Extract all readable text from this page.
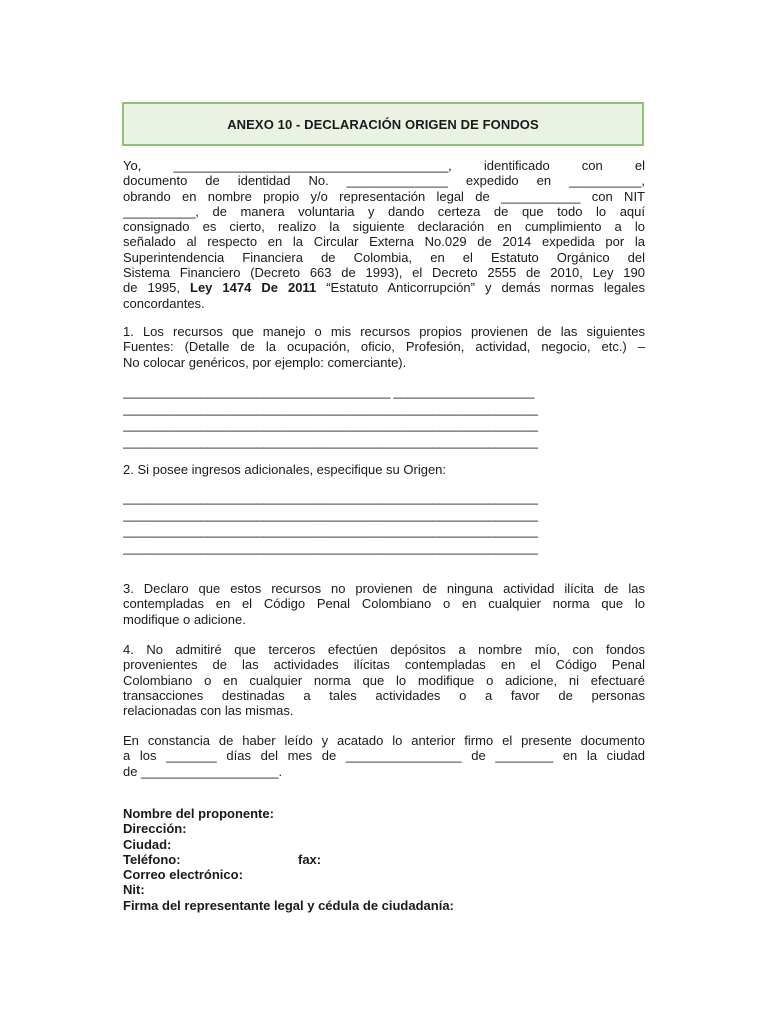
ANEXO 10 - DECLARACIÓN ORIGEN DE FONDOS
Yo, ______________________________________, identificado con el
documento de identidad No. ______________ expedido en __________,
obrando en nombre propio y/o representación legal de ___________ con NIT
__________, de manera voluntaria y dando certeza de que todo lo aquí
consignado es cierto, realizo la siguiente declaración en cumplimiento a lo
señalado al respecto en la Circular Externa No.029 de 2014 expedida por la
Superintendencia Financiera de Colombia, en el Estatuto Orgánico del
Sistema Financiero (Decreto 663 de 1993), el Decreto 2555 de 2010, Ley 190
de 1995, Ley 1474 De 2011 “Estatuto Anticorrupción” y demás normas legales
concordantes.
1. Los recursos que manejo o mis recursos propios provienen de las siguientes
Fuentes: (Detalle de la ocupación, oficio, Profesión, actividad, negocio, etc.) –
No colocar genéricos, por ejemplo: comerciante).
______________________________________ ____________________
___________________________________________________________
___________________________________________________________
___________________________________________________________
2. Si posee ingresos adicionales, especifique su Origen:
___________________________________________________________
___________________________________________________________
___________________________________________________________
___________________________________________________________
3. Declaro que estos recursos no provienen de ninguna actividad ilícita de las
contempladas en el Código Penal Colombiano o en cualquier norma que lo
modifique o adicione.
4. No admitiré que terceros efectúen depósitos a nombre mío, con fondos
provenientes de las actividades ilícitas contempladas en el Código Penal
Colombiano o en cualquier norma que lo modifique o adicione, ni efectuaré
transacciones destinadas a tales actividades o a favor de personas
relacionadas con las mismas.
En constancia de haber leído y acatado lo anterior firmo el presente documento
a los _______ días del mes de ________________ de ________ en la ciudad
de ___________________.
Nombre del proponente:
Dirección:
Ciudad:
Teléfono:	fax:
Correo electrónico:
Nit:
Firma del representante legal y cédula de ciudadanía:
